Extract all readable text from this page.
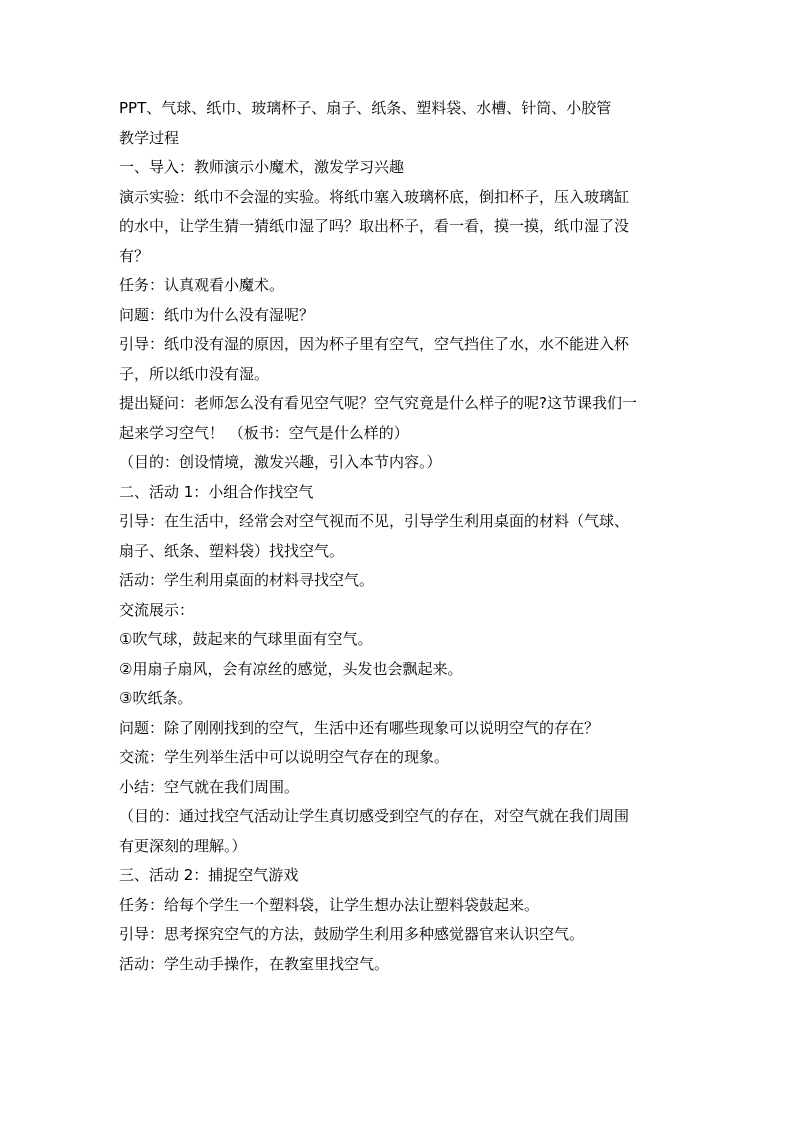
PPT、气球、纸巾、玻璃杯子、扇子、纸条、塑料袋、水槽、针筒、小胶管

教学过程

一、导入：教师演示小魔术，激发学习兴趣

演示实验：纸巾不会湿的实验。将纸巾塞入玻璃杯底，倒扣杯子，压入玻璃缸

的水中，让学生猜一猜纸巾湿了吗？取出杯子，看一看，摸一摸，纸巾湿了没

有？

任务：认真观看小魔术。

问题：纸巾为什么没有湿呢？

引导：纸巾没有湿的原因，因为杯子里有空气，空气挡住了水，水不能进入杯

子，所以纸巾没有湿。

提出疑问：老师怎么没有看见空气呢？空气究竟是什么样子的呢?这节课我们一

起来学习空气！ （板书：空气是什么样的）

（目的：创设情境，激发兴趣，引入本节内容。）

二、活动 1：小组合作找空气

引导：在生活中，经常会对空气视而不见，引导学生利用桌面的材料（气球、

扇子、纸条、塑料袋）找找空气。

活动：学生利用桌面的材料寻找空气。

交流展示：

①吹气球，鼓起来的气球里面有空气。

②用扇子扇风，会有凉丝的感觉，头发也会飘起来。

③吹纸条。

问题：除了刚刚找到的空气，生活中还有哪些现象可以说明空气的存在？

交流：学生列举生活中可以说明空气存在的现象。

小结：空气就在我们周围。

（目的：通过找空气活动让学生真切感受到空气的存在，对空气就在我们周围

有更深刻的理解。）

三、活动 2：捕捉空气游戏

任务：给每个学生一个塑料袋，让学生想办法让塑料袋鼓起来。

引导：思考探究空气的方法，鼓励学生利用多种感觉器官来认识空气。

活动：学生动手操作，在教室里找空气。
